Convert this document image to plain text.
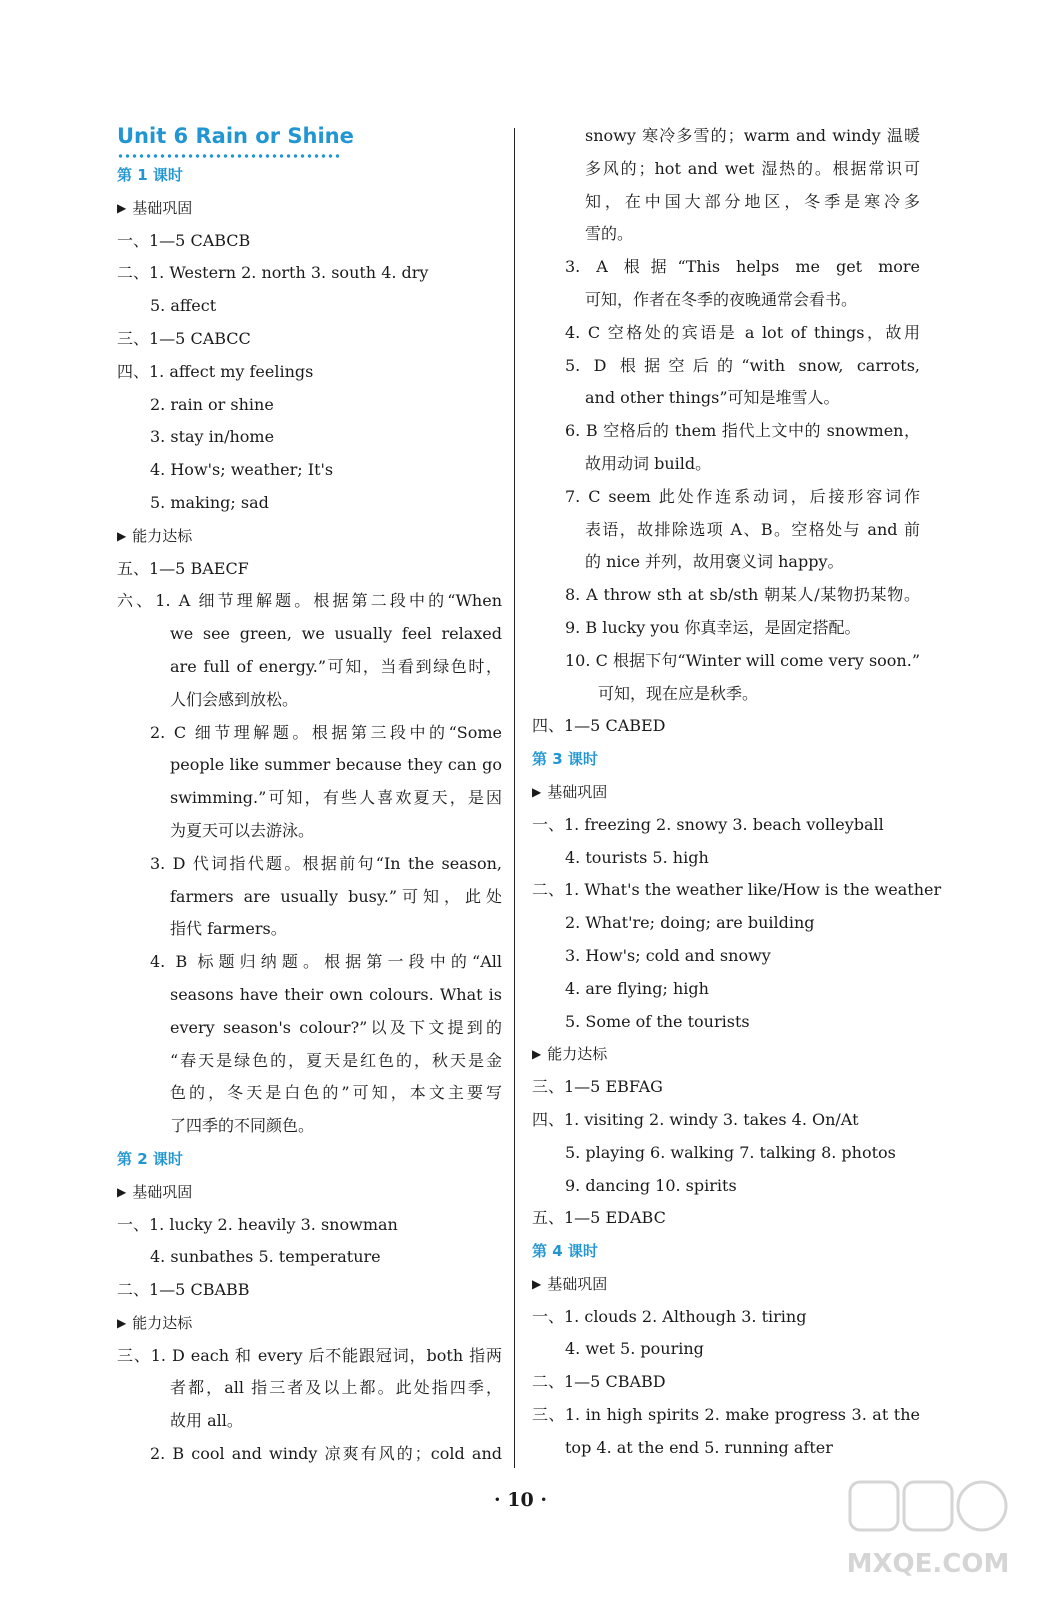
Unit 6 Rain or Shine
第 1 课时
▶ 基础巩固
一、1—5 CABCB
二、1. Western 2. north 3. south 4. dry
5. affect
三、1—5 CABCC
四、1. affect my feelings
2. rain or shine
3. stay in/home
4. How's; weather; It's
5. making; sad
▶ 能力达标
五、1—5 BAECF
六、1. A 细节理解题。根据第二段中的“When
we see green, we usually feel relaxed
are full of energy.”可知，当看到绿色时，
人们会感到放松。
2. C 细节理解题。根据第三段中的“Some
people like summer because they can go
swimming.”可知，有些人喜欢夏天，是因
为夏天可以去游泳。
3. D 代词指代题。根据前句“In the season,
farmers are usually busy.”可知，此处
指代 farmers。
4. B 标题归纳题。根据第一段中的“All
seasons have their own colours. What is
every season's colour?”以及下文提到的
“春天是绿色的，夏天是红色的，秋天是金
色的，冬天是白色的”可知，本文主要写
了四季的不同颜色。
第 2 课时
▶ 基础巩固
一、1. lucky 2. heavily 3. snowman
4. sunbathes 5. temperature
二、1—5 CBABB
▶ 能力达标
三、1. D each 和 every 后不能跟冠词，both 指两
者都，all 指三者及以上都。此处指四季，
故用 all。
2. B cool and windy 凉爽有风的；cold and
snowy 寒冷多雪的；warm and windy 温暖
多风的；hot and wet 湿热的。根据常识可
知，在中国大部分地区，冬季是寒冷多
雪的。
3. A 根据“This helps me get more
可知，作者在冬季的夜晚通常会看书。
4. C 空格处的宾语是 a lot of things，故用
5. D 根据空后的“with snow, carrots,
and other things”可知是堆雪人。
6. B 空格后的 them 指代上文中的 snowmen，
故用动词 build。
7. C seem 此处作连系动词，后接形容词作
表语，故排除选项 A、B。空格处与 and 前
的 nice 并列，故用褒义词 happy。
8. A throw sth at sb/sth 朝某人/某物扔某物。
9. B lucky you 你真幸运，是固定搭配。
10. C 根据下句“Winter will come very soon.”
可知，现在应是秋季。
四、1—5 CABED
第 3 课时
▶ 基础巩固
一、1. freezing 2. snowy 3. beach volleyball
4. tourists 5. high
二、1. What's the weather like/How is the weather
2. What're; doing; are building
3. How's; cold and snowy
4. are flying; high
5. Some of the tourists
▶ 能力达标
三、1—5 EBFAG
四、1. visiting 2. windy 3. takes 4. On/At
5. playing 6. walking 7. talking 8. photos
9. dancing 10. spirits
五、1—5 EDABC
第 4 课时
▶ 基础巩固
一、1. clouds 2. Although 3. tiring
4. wet 5. pouring
二、1—5 CBABD
三、1. in high spirits 2. make progress 3. at the
top 4. at the end 5. running after
· 10 ·
MXQE.COM
